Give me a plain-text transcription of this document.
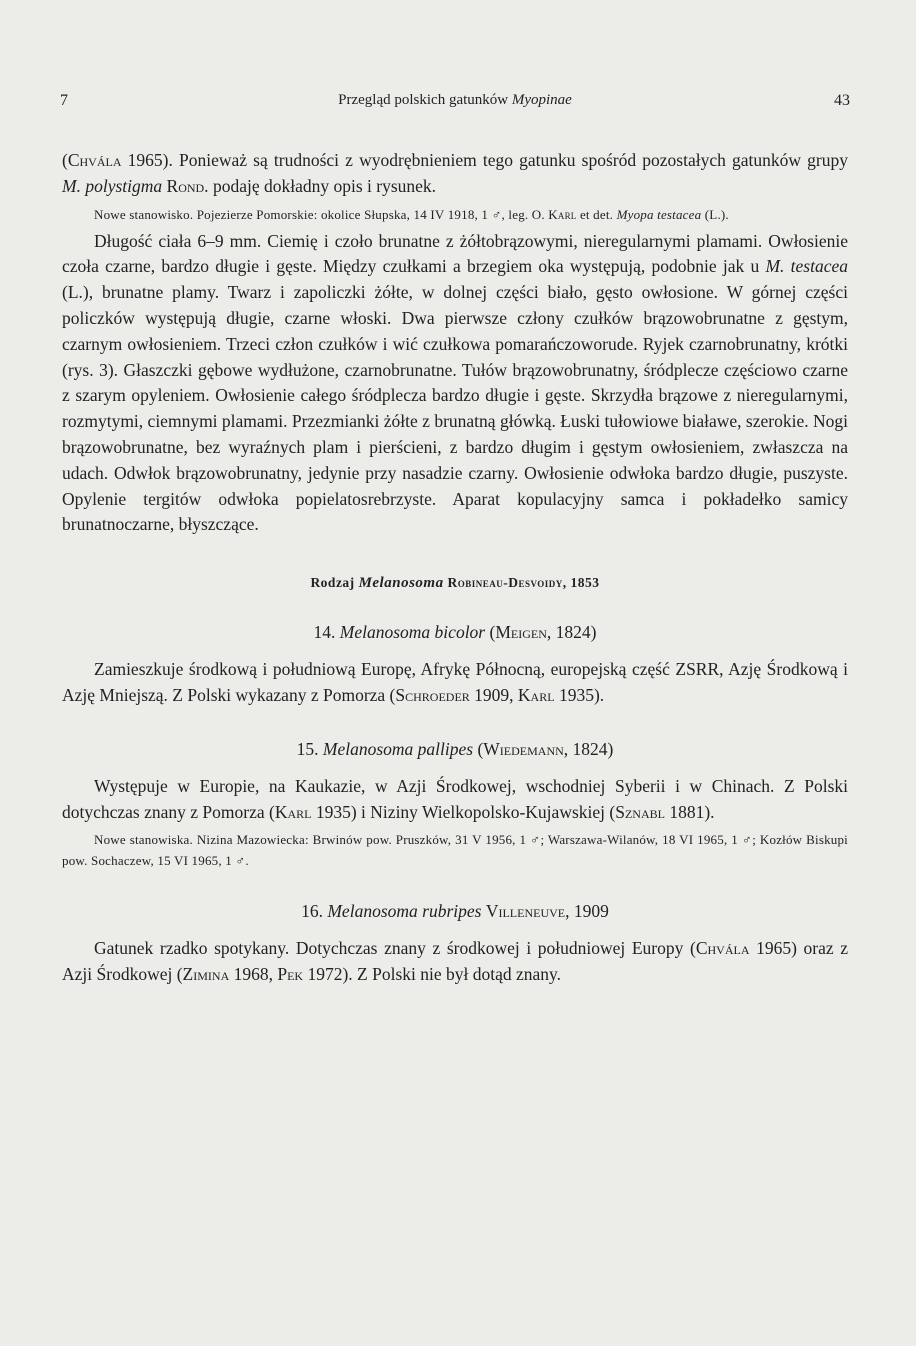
7	Przegląd polskich gatunków Myopinae	43

(Chvála 1965). Ponieważ są trudności z wyodrębnieniem tego gatunku spośród pozostałych gatunków grupy M. polystigma Rond. podaję dokładny opis i rysunek.

Nowe stanowisko. Pojezierze Pomorskie: okolice Słupska, 14 IV 1918, 1 ♂, leg. O. Karl et det. Myopa testacea (L.).

Długość ciała 6–9 mm. Ciemię i czoło brunatne z żółtobrązowymi, nieregularnymi plamami. Owłosienie czoła czarne, bardzo długie i gęste. Między czułkami a brzegiem oka występują, podobnie jak u M. testacea (L.), brunatne plamy. Twarz i zapoliczki żółte, w dolnej części biało, gęsto owłosione. W górnej części policzków występują długie, czarne włoski. Dwa pierwsze człony czułków brązowobrunatne z gęstym, czarnym owłosieniem. Trzeci człon czułków i wić czułkowa pomarańczoworude. Ryjek czarnobrunatny, krótki (rys. 3). Głaszczki gębowe wydłużone, czarnobrunatne. Tułów brązowobrunatny, śródplecze częściowo czarne z szarym opyleniem. Owłosienie całego śródplecza bardzo długie i gęste. Skrzydła brązowe z nieregularnymi, rozmytymi, ciemnymi plamami. Przezmianki żółte z brunatną główką. Łuski tułowiowe białawe, szerokie. Nogi brązowobrunatne, bez wyraźnych plam i pierścieni, z bardzo długim i gęstym owłosieniem, zwłaszcza na udach. Odwłok brązowobrunatny, jedynie przy nasadzie czarny. Owłosienie odwłoka bardzo długie, puszyste. Opylenie tergitów odwłoka popielatosrebrzyste. Aparat kopulacyjny samca i pokładełko samicy brunatnoczarne, błyszczące.

Rodzaj Melanosoma Robineau-Desvoidy, 1853
14. Melanosoma bicolor (Meigen, 1824)

Zamieszkuje środkową i południową Europę, Afrykę Północną, europejską część ZSRR, Azję Środkową i Azję Mniejszą. Z Polski wykazany z Pomorza (Schroeder 1909, Karl 1935).

15. Melanosoma pallipes (Wiedemann, 1824)

Występuje w Europie, na Kaukazie, w Azji Środkowej, wschodniej Syberii i w Chinach. Z Polski dotychczas znany z Pomorza (Karl 1935) i Niziny Wielkopolsko-Kujawskiej (Sznabl 1881).

Nowe stanowiska. Nizina Mazowiecka: Brwinów pow. Pruszków, 31 V 1956, 1 ♂; Warszawa-Wilanów, 18 VI 1965, 1 ♂; Kozłów Biskupi pow. Sochaczew, 15 VI 1965, 1 ♂.

16. Melanosoma rubripes Villeneuve, 1909

Gatunek rzadko spotykany. Dotychczas znany z środkowej i południowej Europy (Chvála 1965) oraz z Azji Środkowej (Zimina 1968, Pek 1972). Z Polski nie był dotąd znany.
